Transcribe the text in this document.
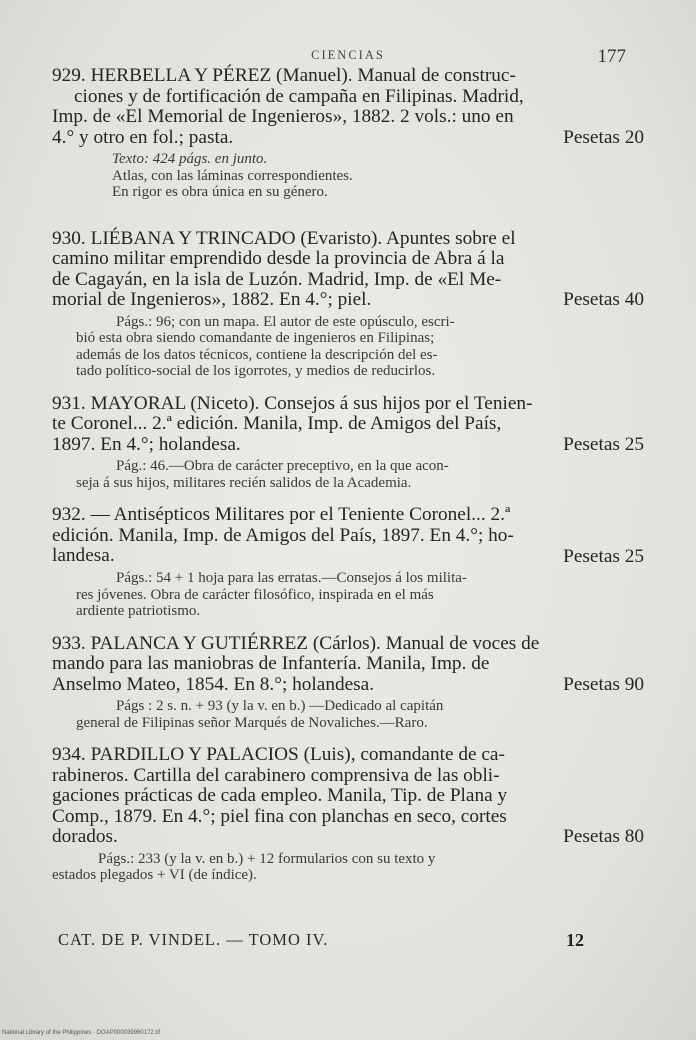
CIENCIAS	177
929. HERBELLA Y PÉREZ (Manuel). Manual de construc-
ciones y de fortificación de campaña en Filipinas. Madrid,
Imp. de «El Memorial de Ingenieros», 1882. 2 vols.: uno en
4.° y otro en fol.; pasta.	Pesetas 20

Texto: 424 págs. en junto.

Atlas, con las láminas correspondientes.

En rigor es obra única en su género.

930. LIÉBANA Y TRINCADO (Evaristo). Apuntes sobre el
camino militar emprendido desde la provincia de Abra á la
de Cagayán, en la isla de Luzón. Madrid, Imp. de «El Me-
morial de Ingenieros», 1882. En 4.°; piel.	Pesetas 40

Págs.: 96; con un mapa. El autor de este opúsculo, escri-

bió esta obra siendo comandante de ingenieros en Filipinas;

además de los datos técnicos, contiene la descripción del es-

tado político-social de los igorrotes, y medios de reducirlos.

931. MAYORAL (Niceto). Consejos á sus hijos por el Tenien-
te Coronel... 2.ª edición. Manila, Imp. de Amigos del País,
1897. En 4.°; holandesa.	Pesetas 25

Pág.: 46.—Obra de carácter preceptivo, en la que acon-

seja á sus hijos, militares recién salidos de la Academia.

932. — Antisépticos Militares por el Teniente Coronel... 2.ª
edición. Manila, Imp. de Amigos del País, 1897. En 4.°; ho-
landesa.	Pesetas 25

Págs.: 54 + 1 hoja para las erratas.—Consejos á los milita-

res jóvenes. Obra de carácter filosófico, inspirada en el más

ardiente patriotismo.

933. PALANCA Y GUTIÉRREZ (Cárlos). Manual de voces de
mando para las maniobras de Infantería. Manila, Imp. de
Anselmo Mateo, 1854. En 8.°; holandesa.	Pesetas 90

Págs : 2 s. n. + 93 (y la v. en b.) —Dedicado al capitán

general de Filipinas señor Marqués de Novaliches.—Raro.

934. PARDILLO Y PALACIOS (Luis), comandante de ca-
rabineros. Cartilla del carabinero comprensiva de las obli-
gaciones prácticas de cada empleo. Manila, Tip. de Plana y
Comp., 1879. En 4.°; piel fina con planchas en seco, cortes
dorados.	Pesetas 80

Págs.: 233 (y la v. en b.) + 12 formularios con su texto y

estados plegados + VI (de índice).

CAT. DE P. VINDEL. — TOMO IV.	12
National Library of the Philippines · DOAP000039960172.tif
